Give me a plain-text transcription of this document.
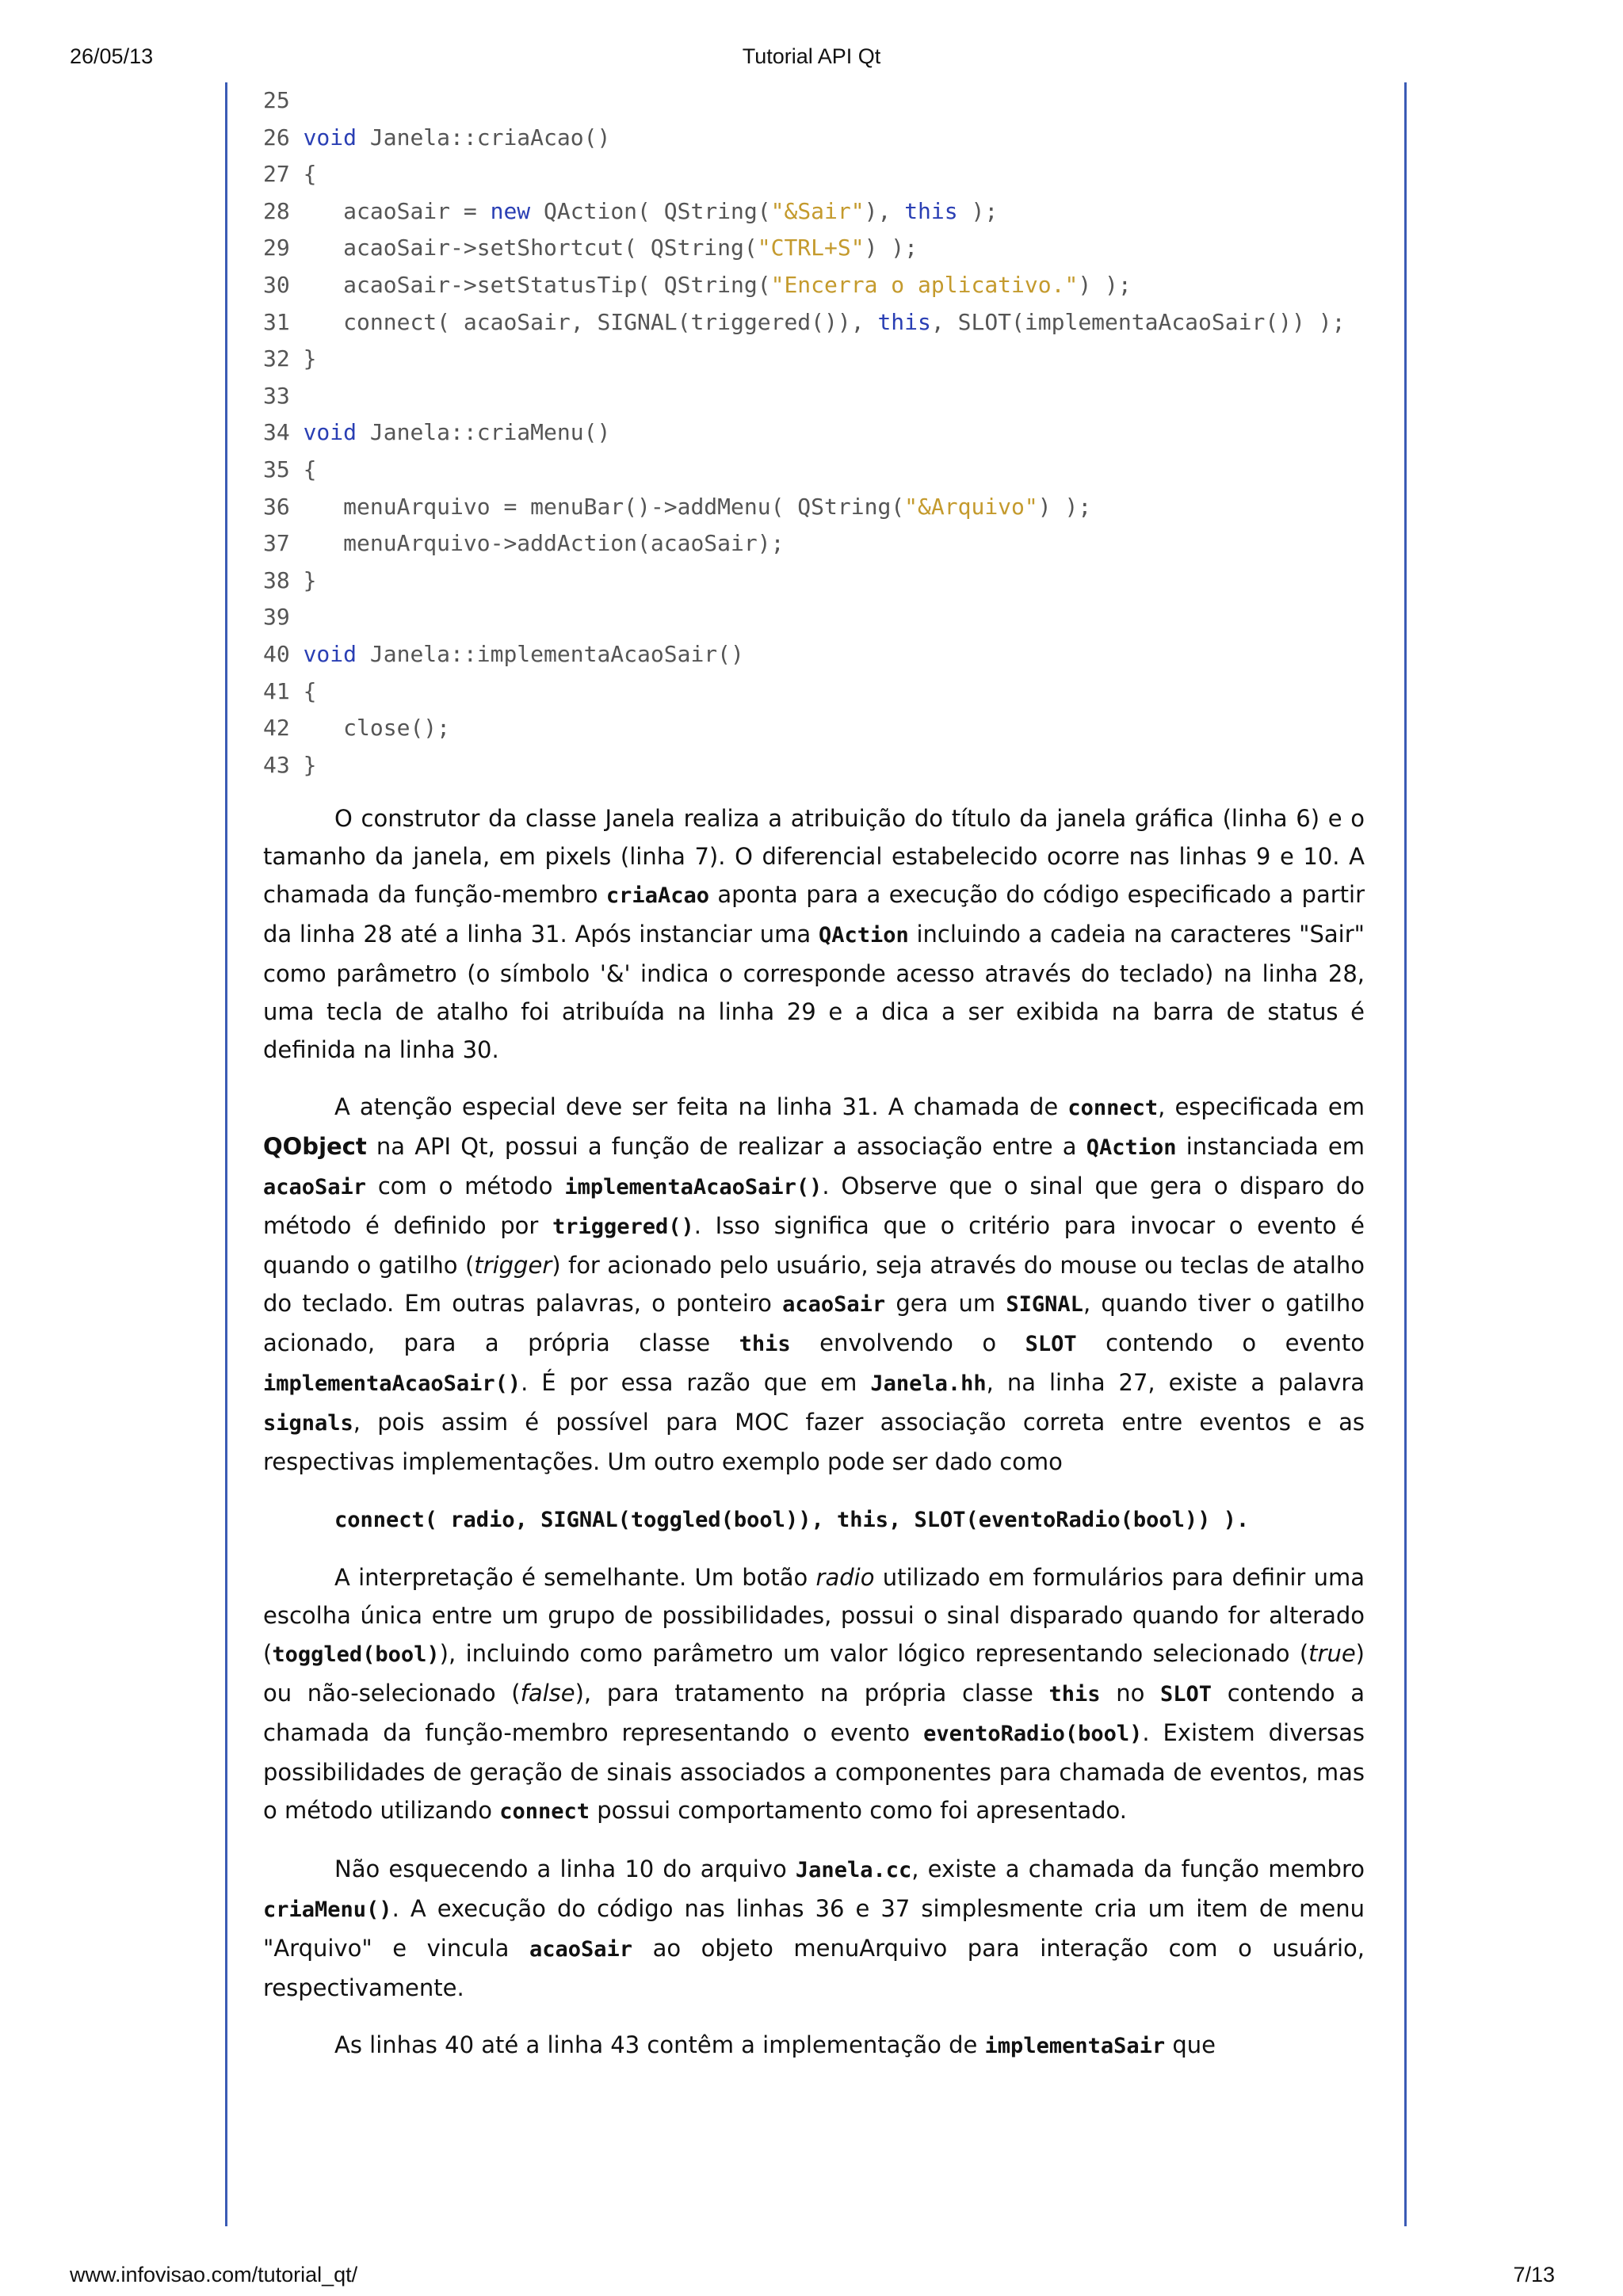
26/05/13	Tutorial API Qt
25
26 void Janela::criaAcao()
27 {
28    acaoSair = new QAction( QString("&Sair"), this );
29    acaoSair->setShortcut( QString("CTRL+S") );
30    acaoSair->setStatusTip( QString("Encerra o aplicativo.") );
31    connect( acaoSair, SIGNAL(triggered()), this, SLOT(implementaAcaoSair()) );
32 }
33
34 void Janela::criaMenu()
35 {
36    menuArquivo = menuBar()->addMenu( QString("&Arquivo") );
37    menuArquivo->addAction(acaoSair);
38 }
39
40 void Janela::implementaAcaoSair()
41 {
42    close();
43 }

O construtor da classe Janela realiza a atribuição do título da janela gráfica (linha 6) e o tamanho da janela, em pixels (linha 7). O diferencial estabelecido ocorre nas linhas 9 e 10. A chamada da função-membro criaAcao aponta para a execução do código especificado a partir da linha 28 até a linha 31. Após instanciar uma QAction incluindo a cadeia na caracteres "Sair" como parâmetro (o símbolo '&' indica o corresponde acesso através do teclado) na linha 28, uma tecla de atalho foi atribuída na linha 29 e a dica a ser exibida na barra de status é definida na linha 30.

A atenção especial deve ser feita na linha 31. A chamada de connect, especificada em QObject na API Qt, possui a função de realizar a associação entre a QAction instanciada em acaoSair com o método implementaAcaoSair(). Observe que o sinal que gera o disparo do método é definido por triggered(). Isso significa que o critério para invocar o evento é quando o gatilho (trigger) for acionado pelo usuário, seja através do mouse ou teclas de atalho do teclado. Em outras palavras, o ponteiro acaoSair gera um SIGNAL, quando tiver o gatilho acionado, para a própria classe this envolvendo o SLOT contendo o evento implementaAcaoSair(). É por essa razão que em Janela.hh, na linha 27, existe a palavra signals, pois assim é possível para MOC fazer associação correta entre eventos e as respectivas implementações. Um outro exemplo pode ser dado como

connect( radio, SIGNAL(toggled(bool)), this, SLOT(eventoRadio(bool)) ).

A interpretação é semelhante. Um botão radio utilizado em formulários para definir uma escolha única entre um grupo de possibilidades, possui o sinal disparado quando for alterado (toggled(bool)), incluindo como parâmetro um valor lógico representando selecionado (true) ou não-selecionado (false), para tratamento na própria classe this no SLOT contendo a chamada da função-membro representando o evento eventoRadio(bool). Existem diversas possibilidades de geração de sinais associados a componentes para chamada de eventos, mas o método utilizando connect possui comportamento como foi apresentado.

Não esquecendo a linha 10 do arquivo Janela.cc, existe a chamada da função membro criaMenu(). A execução do código nas linhas 36 e 37 simplesmente cria um item de menu "Arquivo" e vincula acaoSair ao objeto menuArquivo para interação com o usuário, respectivamente.

As linhas 40 até a linha 43 contêm a implementação de implementaSair que

www.infovisao.com/tutorial_qt/	7/13
